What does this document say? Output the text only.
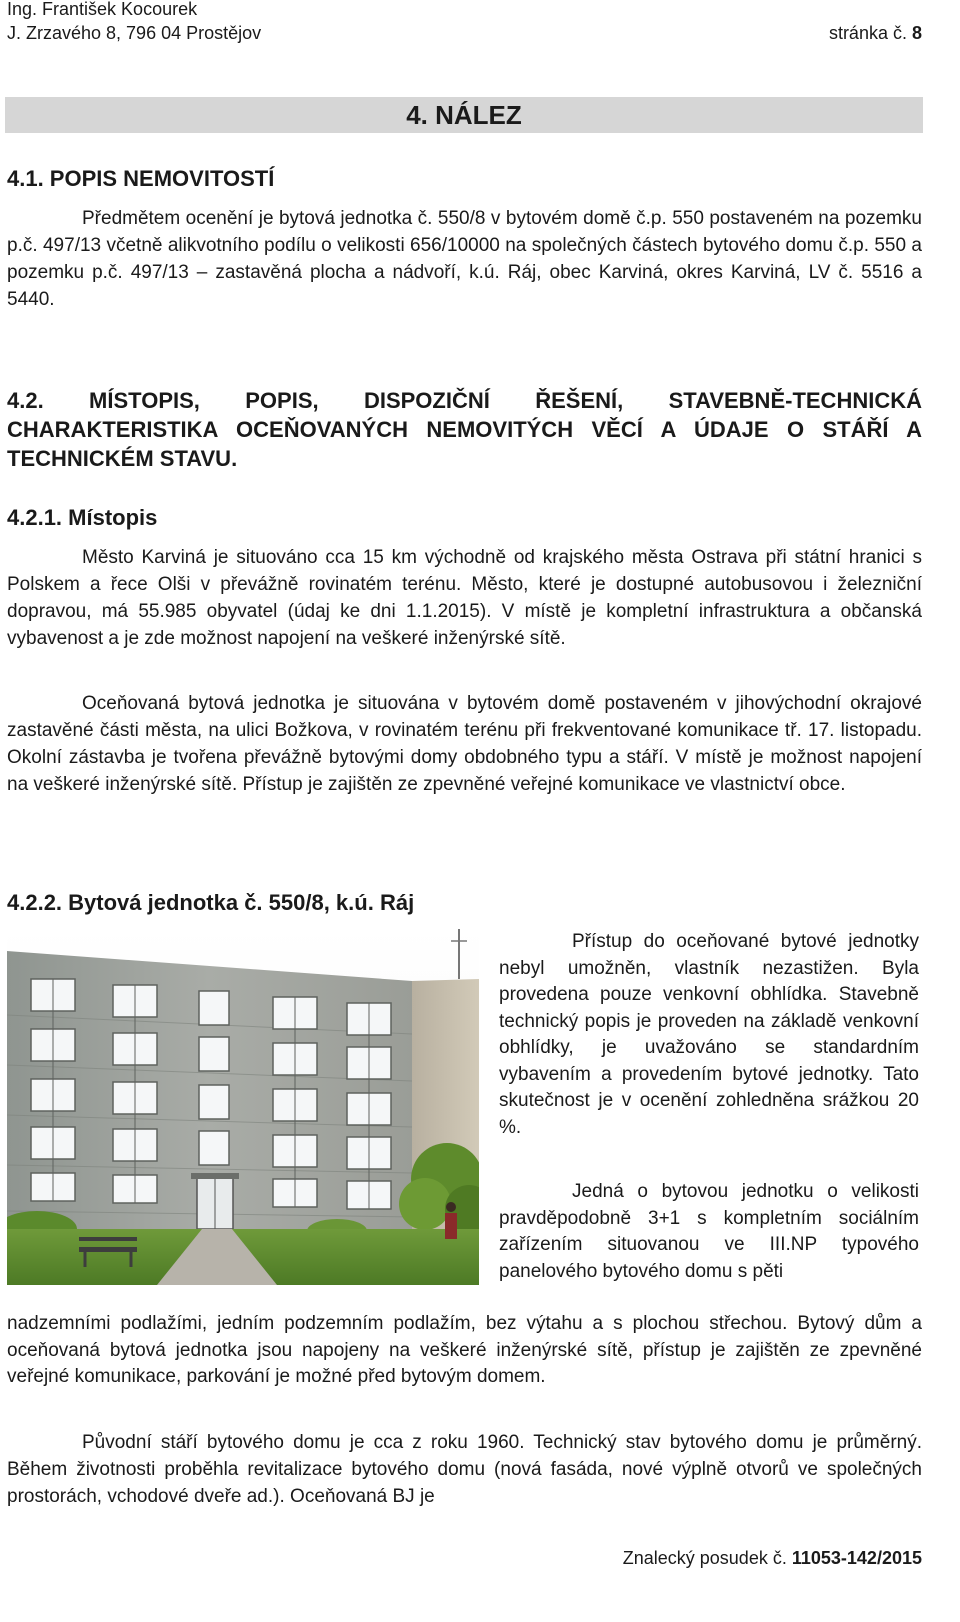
Ing. František Kocourek
J. Zrzavého 8, 796 04 Prostějov	stránka č. 8
4. NÁLEZ
4.1. POPIS NEMOVITOSTÍ

Předmětem ocenění je bytová jednotka č. 550/8 v bytovém domě č.p. 550 postaveném na pozemku p.č. 497/13 včetně alikvotního podílu o velikosti 656/10000 na společných částech bytového domu č.p. 550 a pozemku p.č. 497/13 – zastavěná plocha a nádvoří, k.ú. Ráj, obec Karviná, okres Karviná, LV č. 5516 a 5440.

4.2. MÍSTOPIS, POPIS, DISPOZIČNÍ ŘEŠENÍ, STAVEBNĚ-TECHNICKÁ CHARAKTERISTIKA OCEŇOVANÝCH NEMOVITÝCH VĚCÍ A ÚDAJE O STÁŘÍ A TECHNICKÉM STAVU.
4.2.1. Místopis

Město Karviná je situováno cca 15 km východně od krajského města Ostrava při státní hranici s Polskem a řece Olši v převážně rovinatém terénu. Město, které je dostupné autobusovou i železniční dopravou, má 55.985 obyvatel (údaj ke dni 1.1.2015). V místě je kompletní infrastruktura a občanská vybavenost a je zde možnost napojení na veškeré inženýrské sítě.

Oceňovaná bytová jednotka je situována v bytovém domě postaveném v jihovýchodní okrajové zastavěné části města, na ulici Božkova, v rovinatém terénu při frekventované komunikace tř. 17. listopadu. Okolní zástavba je tvořena převážně bytovými domy obdobného typu a stáří. V místě je možnost napojení na veškeré inženýrské sítě. Přístup je zajištěn ze zpevněné veřejné komunikace ve vlastnictví obce.

4.2.2. Bytová jednotka č. 550/8, k.ú. Ráj

Přístup do oceňované bytové jednotky nebyl umožněn, vlastník nezastižen. Byla provedena pouze venkovní obhlídka. Stavebně technický popis je proveden na základě venkovní obhlídky, je uvažováno se standardním vybavením a provedením bytové jednotky. Tato skutečnost je v ocenění zohledněna srážkou 20 %.

Jedná o bytovou jednotku o velikosti pravděpodobně 3+1 s kompletním sociálním zařízením situovanou ve III.NP typového panelového bytového domu s pěti

nadzemními podlažími, jedním podzemním podlažím, bez výtahu a s plochou střechou. Bytový dům a oceňovaná bytová jednotka jsou napojeny na veškeré inženýrské sítě, přístup je zajištěn ze zpevněné veřejné komunikace, parkování je možné před bytovým domem.

Původní stáří bytového domu je cca z roku 1960. Technický stav bytového domu je průměrný. Během životnosti proběhla revitalizace bytového domu (nová fasáda, nové výplně otvorů ve společných prostorách, vchodové dveře ad.). Oceňovaná BJ je

Znalecký posudek č. 11053-142/2015
